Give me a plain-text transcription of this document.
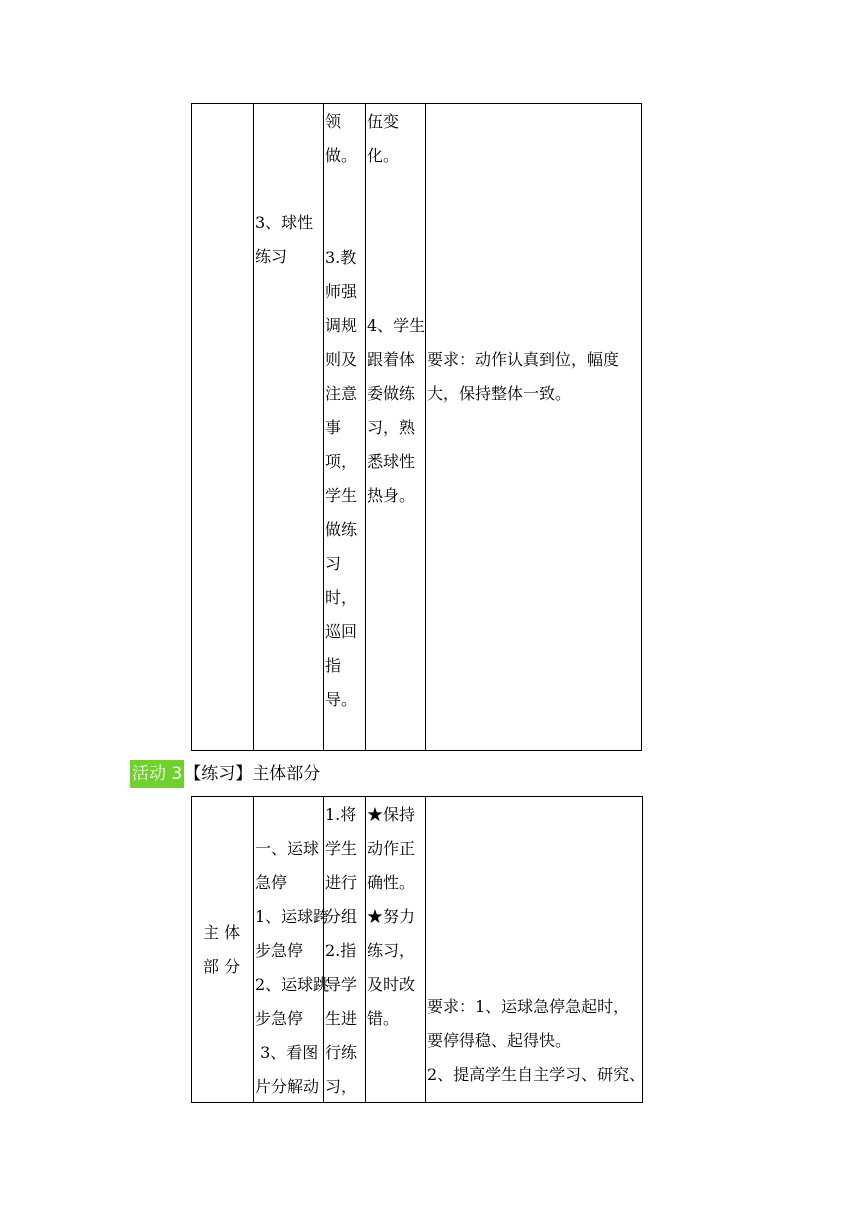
3、球性
练习
领
做。
3.教
师强
调规
则及
注意
事
项，
学生
做练
习
时，
巡回
指
导。
伍变
化。
4、学生
跟着体
委做练
习，熟
悉球性
热身。
要求：动作认真到位，幅度
大，保持整体一致。
活动 3 【练习】主体部分
主 体
部 分
一、运球
急停
1、运球跨
步急停
2、运球跳
步急停
3、看图
片分解动
1.将
学生
进行
分组
2.指
导学
生进
行练
习，
★保持
动作正
确性。
★努力
练习，
及时改
错。
要求：1、运球急停急起时，
要停得稳、起得快。
2、提高学生自主学习、研究、
